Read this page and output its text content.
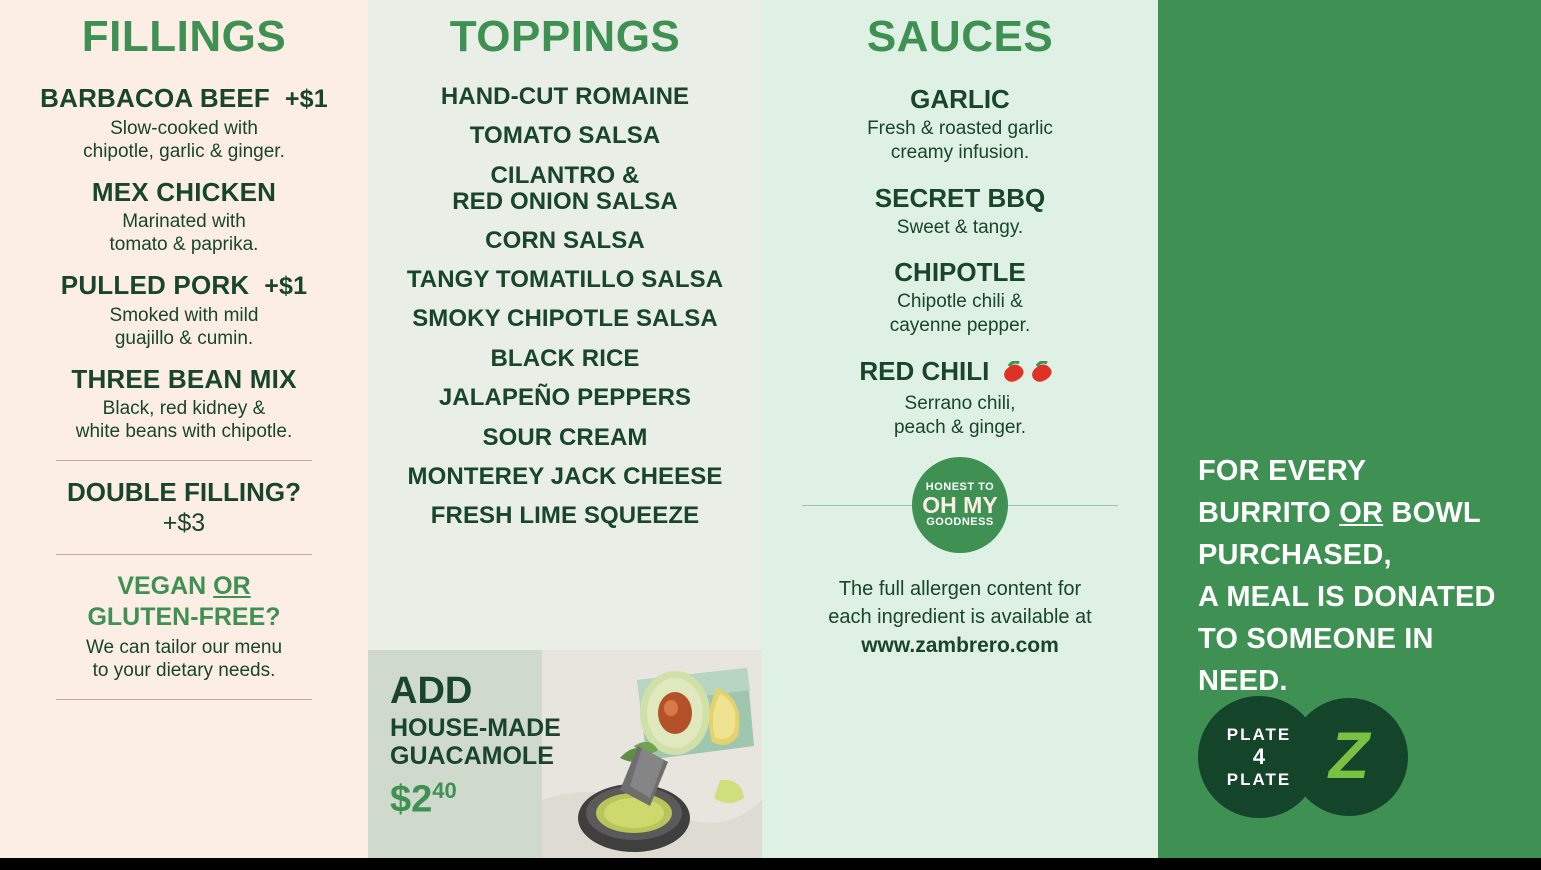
FILLINGS
BARBACOA BEEF +$1
Slow-cooked with
chipotle, garlic & ginger.
MEX CHICKEN
Marinated with
tomato & paprika.
PULLED PORK +$1
Smoked with mild
guajillo & cumin.
THREE BEAN MIX
Black, red kidney &
white beans with chipotle.
DOUBLE FILLING?
+$3
VEGAN OR
GLUTEN-FREE?
We can tailor our menu
to your dietary needs.
TOPPINGS
HAND-CUT ROMAINE
TOMATO SALSA
CILANTRO &
RED ONION SALSA
CORN SALSA
TANGY TOMATILLO SALSA
SMOKY CHIPOTLE SALSA
BLACK RICE
JALAPEÑO PEPPERS
SOUR CREAM
MONTEREY JACK CHEESE
FRESH LIME SQUEEZE
ADD
HOUSE-MADE
GUACAMOLE
$\$2^{40}$
SAUCES
GARLIC
Fresh & roasted garlic
creamy infusion.
SECRET BBQ
Sweet & tangy.
CHIPOTLE
Chipotle chili &
cayenne pepper.
RED CHILI
Serrano chili,
peach & ginger.
HONEST TO
OH MY
GOODNESS
The full allergen content for
each ingredient is available at
www.zambrero.com
FOR EVERY
BURRITO OR BOWL
PURCHASED,
A MEAL IS DONATED
TO SOMEONE IN NEED.
PLATE
4
PLATE Z
